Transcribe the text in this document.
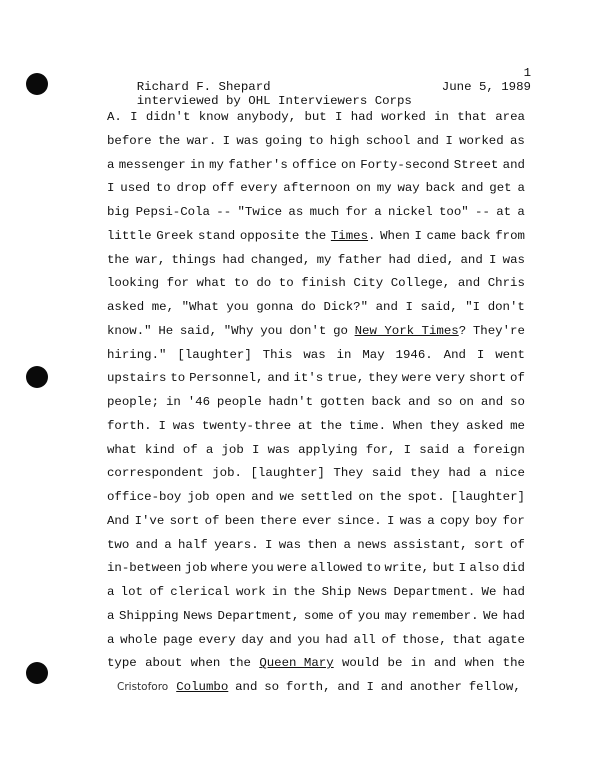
Richard F. Shepard

1

interviewed by OHL Interviewers Corps

June 5, 1989

A. I didn't know anybody, but I had worked in that area
before the war. I was going to high school and I worked as
a messenger in my father's office on Forty-second Street and
I used to drop off every afternoon on my way back and get a
big Pepsi-Cola -- "Twice as much for a nickel too" -- at a
little Greek stand opposite the Times. When I came back from
the war, things had changed, my father had died, and I was
looking for what to do to finish City College, and Chris
asked me, "What you gonna do Dick?" and I said, "I don't
know." He said, "Why you don't go New York Times? They're
hiring." [laughter] This was in May 1946. And I went
upstairs to Personnel, and it's true, they were very short of
people; in '46 people hadn't gotten back and so on and so
forth. I was twenty-three at the time. When they asked me
what kind of a job I was applying for, I said a foreign
correspondent job. [laughter] They said they had a nice
office-boy job open and we settled on the spot. [laughter]
And I've sort of been there ever since. I was a copy boy for
two and a half years. I was then a news assistant, sort of
in-between job where you were allowed to write, but I also did
a lot of clerical work in the Ship News Department. We had
a Shipping News Department, some of you may remember. We had
a whole page every day and you had all of those, that agate
type about when the Queen Mary would be in and when the
Cristoforo Columbo and so forth, and I and another fellow,
